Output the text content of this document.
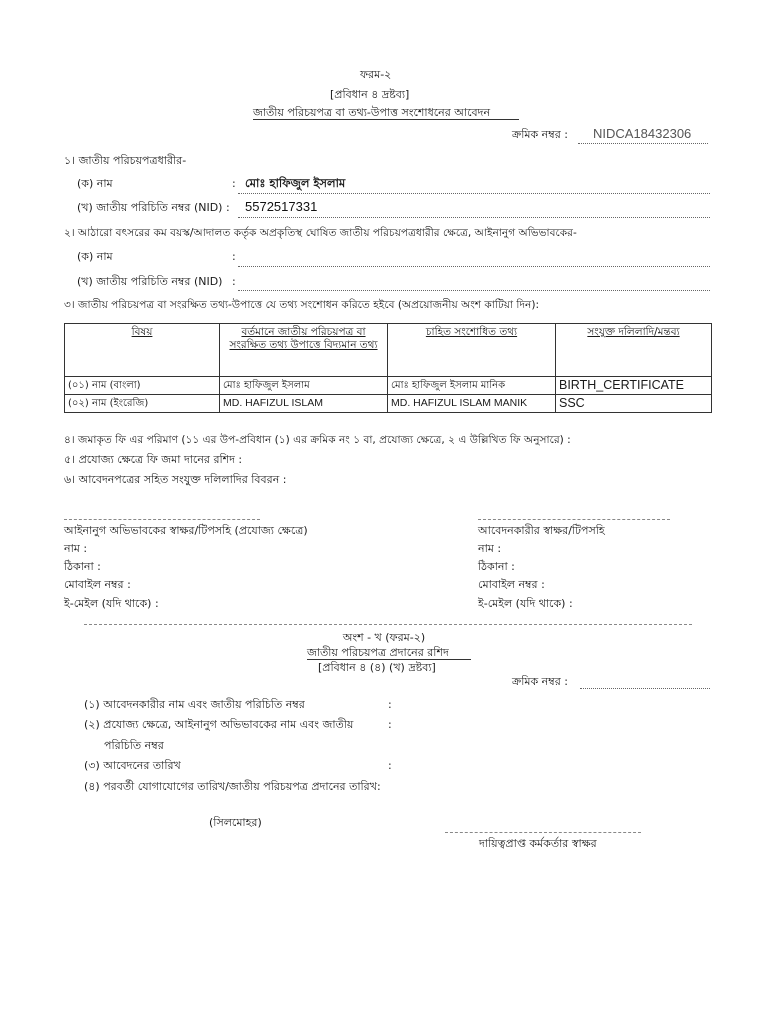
ফরম-২
[প্রবিধান ৪ দ্রষ্টব্য]
জাতীয় পরিচয়পত্র বা তথ্য-উপাত্ত সংশোধনের আবেদন
ক্রমিক নম্বর : NIDCA18432306
১। জাতীয় পরিচয়পত্রধারীর-
(ক) নাম	: মোঃ হাফিজুল ইসলাম
(খ) জাতীয় পরিচিতি নম্বর (NID) : 5572517331
২। আঠারো বৎসরের কম বয়স্ক/আদালত কর্তৃক অপ্রকৃতিস্থ ঘোষিত জাতীয় পরিচয়পত্রধারীর ক্ষেত্রে, আইনানুগ অভিভাবকের-
(ক) নাম	:
(খ) জাতীয় পরিচিতি নম্বর (NID) :
৩। জাতীয় পরিচয়পত্র বা সংরক্ষিত তথ্য-উপাত্তে যে তথ্য সংশোধন করিতে হইবে (অপ্রয়োজনীয় অংশ কাটিয়া দিন):
বিষয়	বর্তমানে জাতীয় পরিচয়পত্র বা সংরক্ষিত তথ্য উপাত্তে বিদ্যমান তথ্য	চাহিত সংশোধিত তথ্য	সংযুক্ত দলিলাদি/মন্তব্য
(০১) নাম (বাংলা)	মোঃ হাফিজুল ইসলাম	মোঃ হাফিজুল ইসলাম মানিক	BIRTH_CERTIFICATE
(০২) নাম (ইংরেজি)	MD. HAFIZUL ISLAM	MD. HAFIZUL ISLAM MANIK	SSC
৪। জমাকৃত ফি এর পরিমাণ (১১ এর উপ-প্রবিধান (১) এর ক্রমিক নং ১ বা, প্রযোজ্য ক্ষেত্রে, ২ এ উল্লিখিত ফি অনুসারে) :
৫। প্রযোজ্য ক্ষেত্রে ফি জমা দানের রশিদ :
৬। আবেদনপত্রের সহিত সংযুক্ত দলিলাদির বিবরন :
আইনানুগ অভিভাবকের স্বাক্ষর/টিপসহি (প্রযোজ্য ক্ষেত্রে)
নাম :
ঠিকানা :
মোবাইল নম্বর :
ই-মেইল (যদি থাকে) :
আবেদনকারীর স্বাক্ষর/টিপসহি
নাম :
ঠিকানা :
মোবাইল নম্বর :
ই-মেইল (যদি থাকে) :
অংশ - খ (ফরম-২)
জাতীয় পরিচয়পত্র প্রদানের রশিদ
[প্রবিধান ৪ (৪) (খ) দ্রষ্টব্য]
ক্রমিক নম্বর :
(১) আবেদনকারীর নাম এবং জাতীয় পরিচিতি নম্বর	:
(২) প্রযোজ্য ক্ষেত্রে, আইনানুগ অভিভাবকের নাম এবং জাতীয়	:
পরিচিতি নম্বর
(৩) আবেদনের তারিখ	:
(৪) পরবর্তী যোগাযোগের তারিখ/জাতীয় পরিচয়পত্র প্রদানের তারিখ:
(সিলমোহর)
দায়িত্বপ্রাপ্ত কর্মকর্তার স্বাক্ষর
